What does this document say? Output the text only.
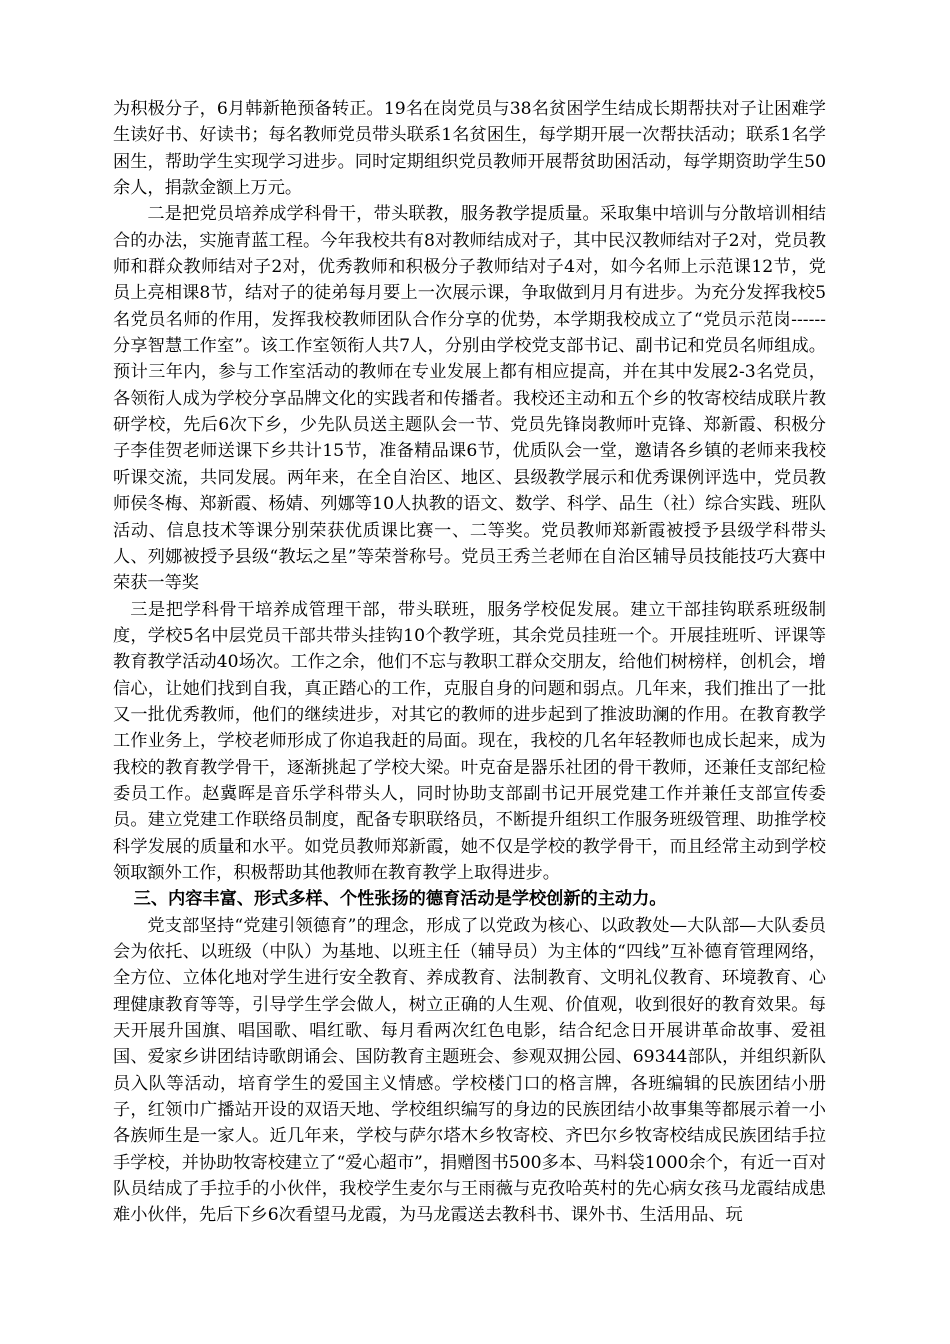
为积极分子，6月韩新艳预备转正。19名在岗党员与38名贫困学生结成长期帮扶对子让困难学生读好书、好读书；每名教师党员带头联系1名贫困生，每学期开展一次帮扶活动；联系1名学困生，帮助学生实现学习进步。同时定期组织党员教师开展帮贫助困活动，每学期资助学生50余人，捐款金额上万元。

二是把党员培养成学科骨干，带头联教，服务教学提质量。采取集中培训与分散培训相结合的办法，实施青蓝工程。今年我校共有8对教师结成对子，其中民汉教师结对子2对，党员教师和群众教师结对子2对，优秀教师和积极分子教师结对子4对，如今名师上示范课12节，党员上亮相课8节，结对子的徒弟每月要上一次展示课，争取做到月月有进步。为充分发挥我校5名党员名师的作用，发挥我校教师团队合作分享的优势，本学期我校成立了“党员示范岗------分享智慧工作室”。该工作室领衔人共7人，分别由学校党支部书记、副书记和党员名师组成。预计三年内，参与工作室活动的教师在专业发展上都有相应提高，并在其中发展2-3名党员，各领衔人成为学校分享品牌文化的实践者和传播者。我校还主动和五个乡的牧寄校结成联片教研学校，先后6次下乡，少先队员送主题队会一节、党员先锋岗教师叶克锋、郑新霞、积极分子李佳贺老师送课下乡共计15节，准备精品课6节，优质队会一堂，邀请各乡镇的老师来我校听课交流，共同发展。两年来，在全自治区、地区、县级教学展示和优秀课例评选中，党员教师侯冬梅、郑新霞、杨婧、列娜等10人执教的语文、数学、科学、品生（社）综合实践、班队活动、信息技术等课分别荣获优质课比赛一、二等奖。党员教师郑新霞被授予县级学科带头人、列娜被授予县级“教坛之星”等荣誉称号。党员王秀兰老师在自治区辅导员技能技巧大赛中荣获一等奖

三是把学科骨干培养成管理干部，带头联班，服务学校促发展。建立干部挂钩联系班级制度，学校5名中层党员干部共带头挂钩10个教学班，其余党员挂班一个。开展挂班听、评课等教育教学活动40场次。工作之余，他们不忘与教职工群众交朋友，给他们树榜样，创机会，增信心，让她们找到自我，真正踏心的工作，克服自身的问题和弱点。几年来，我们推出了一批又一批优秀教师，他们的继续进步，对其它的教师的进步起到了推波助澜的作用。在教育教学工作业务上，学校老师形成了你追我赶的局面。现在，我校的几名年轻教师也成长起来，成为我校的教育教学骨干，逐渐挑起了学校大梁。叶克奋是器乐社团的骨干教师，还兼任支部纪检委员工作。赵冀晖是音乐学科带头人，同时协助支部副书记开展党建工作并兼任支部宣传委员。建立党建工作联络员制度，配备专职联络员，不断提升组织工作服务班级管理、助推学校科学发展的质量和水平。如党员教师郑新霞，她不仅是学校的教学骨干，而且经常主动到学校领取额外工作，积极帮助其他教师在教育教学上取得进步。

三、内容丰富、形式多样、个性张扬的德育活动是学校创新的主动力。

党支部坚持“党建引领德育”的理念，形成了以党政为核心、以政教处—大队部—大队委员会为依托、以班级（中队）为基地、以班主任（辅导员）为主体的“四线”互补德育管理网络，全方位、立体化地对学生进行安全教育、养成教育、法制教育、文明礼仪教育、环境教育、心理健康教育等等，引导学生学会做人，树立正确的人生观、价值观，收到很好的教育效果。每天开展升国旗、唱国歌、唱红歌、每月看两次红色电影，结合纪念日开展讲革命故事、爱祖国、爱家乡讲团结诗歌朗诵会、国防教育主题班会、参观双拥公园、69344部队，并组织新队员入队等活动，培育学生的爱国主义情感。学校楼门口的格言牌，各班编辑的民族团结小册子，红领巾广播站开设的双语天地、学校组织编写的身边的民族团结小故事集等都展示着一小各族师生是一家人。近几年来，学校与萨尔塔木乡牧寄校、齐巴尔乡牧寄校结成民族团结手拉手学校，并协助牧寄校建立了“爱心超市”，捐赠图书500多本、马料袋1000余个，有近一百对队员结成了手拉手的小伙伴，我校学生麦尔与王雨薇与克孜哈英村的先心病女孩马龙霞结成患难小伙伴，先后下乡6次看望马龙霞，为马龙霞送去教科书、课外书、生活用品、玩
